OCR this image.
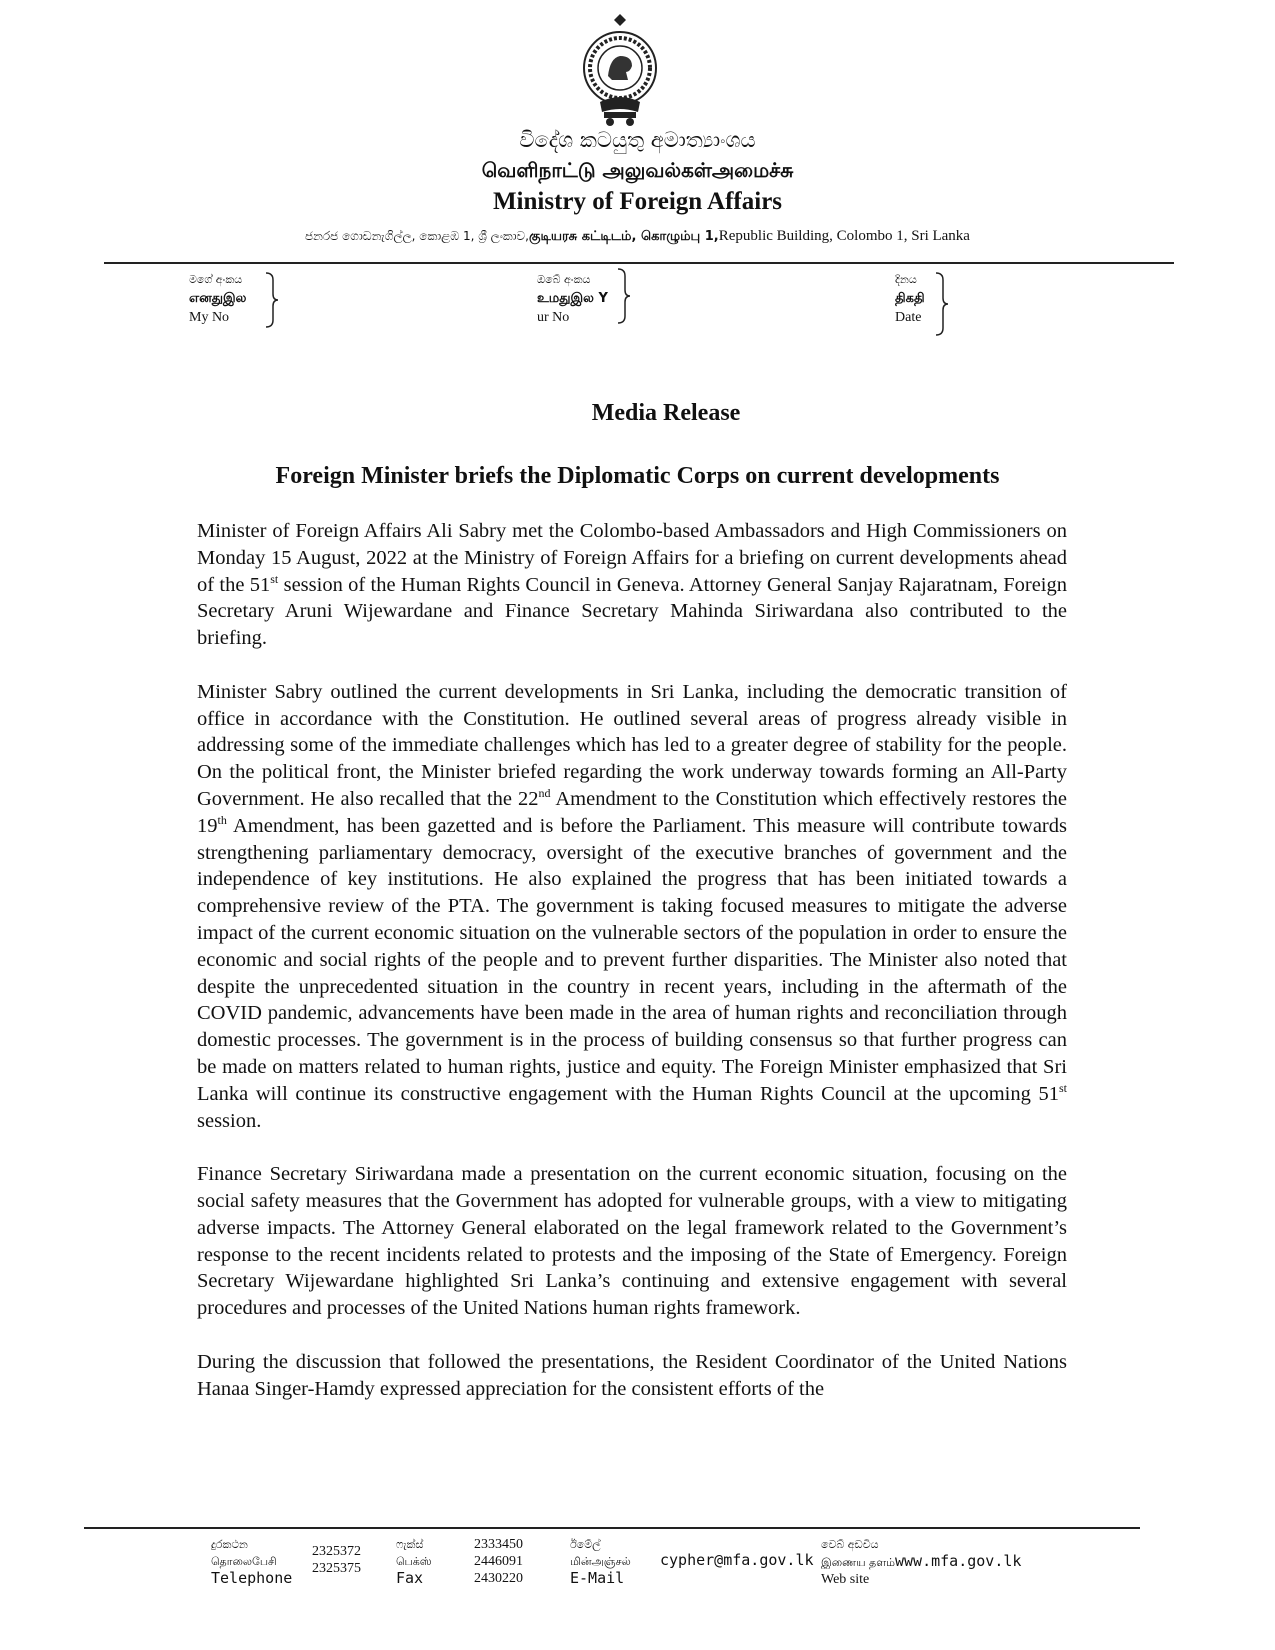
විදේශ කටයුතු අමාත්‍යාංශය
வெளிநாட்டு அலுவல்கள்அமைச்சு
Ministry of Foreign Affairs
ජනරජ ගොඩනැගිල්ල, කොළඹ 1, ශ්‍රී ලංකාව,குடியரசு கட்டிடம், கொழும்பு 1,Republic Building, Colombo 1, Sri Lanka
මගේ අංකය
எனதுஇல
My No
ඔබේ අංකය
உமதுஇல Y
ur No
දිනය
திகதி
Date
Media Release
Foreign Minister briefs the Diplomatic Corps on current developments

Minister of Foreign Affairs Ali Sabry met the Colombo-based Ambassadors and High Commissioners on Monday 15 August, 2022 at the Ministry of Foreign Affairs for a briefing on current developments ahead of the 51st session of the Human Rights Council in Geneva. Attorney General Sanjay Rajaratnam, Foreign Secretary Aruni Wijewardane and Finance Secretary Mahinda Siriwardana also contributed to the briefing.

Minister Sabry outlined the current developments in Sri Lanka, including the democratic transition of office in accordance with the Constitution. He outlined several areas of progress already visible in addressing some of the immediate challenges which has led to a greater degree of stability for the people. On the political front, the Minister briefed regarding the work underway towards forming an All-Party Government. He also recalled that the 22nd Amendment to the Constitution which effectively restores the 19th Amendment, has been gazetted and is before the Parliament. This measure will contribute towards strengthening parliamentary democracy, oversight of the executive branches of government and the independence of key institutions. He also explained the progress that has been initiated towards a comprehensive review of the PTA. The government is taking focused measures to mitigate the adverse impact of the current economic situation on the vulnerable sectors of the population in order to ensure the economic and social rights of the people and to prevent further disparities. The Minister also noted that despite the unprecedented situation in the country in recent years, including in the aftermath of the COVID pandemic, advancements have been made in the area of human rights and reconciliation through domestic processes. The government is in the process of building consensus so that further progress can be made on matters related to human rights, justice and equity. The Foreign Minister emphasized that Sri Lanka will continue its constructive engagement with the Human Rights Council at the upcoming 51st session.

Finance Secretary Siriwardana made a presentation on the current economic situation, focusing on the social safety measures that the Government has adopted for vulnerable groups, with a view to mitigating adverse impacts. The Attorney General elaborated on the legal framework related to the Government’s response to the recent incidents related to protests and the imposing of the State of Emergency. Foreign Secretary Wijewardane highlighted Sri Lanka’s continuing and extensive engagement with several procedures and processes of the United Nations human rights framework.

During the discussion that followed the presentations, the Resident Coordinator of the United Nations Hanaa Singer-Hamdy expressed appreciation for the consistent efforts of the

දුරකථන
தொலைபேசி
Telephone
2325372
2325375
ෆැක්ස්
பெக்ஸ்
Fax
2333450
2446091
2430220
ඊමේල්
மின்அஞ்சல்
E-Mail
cypher@mfa.gov.lk
වෙබ් අඩවිය
இணைய தளம்www.mfa.gov.lk
Web site
